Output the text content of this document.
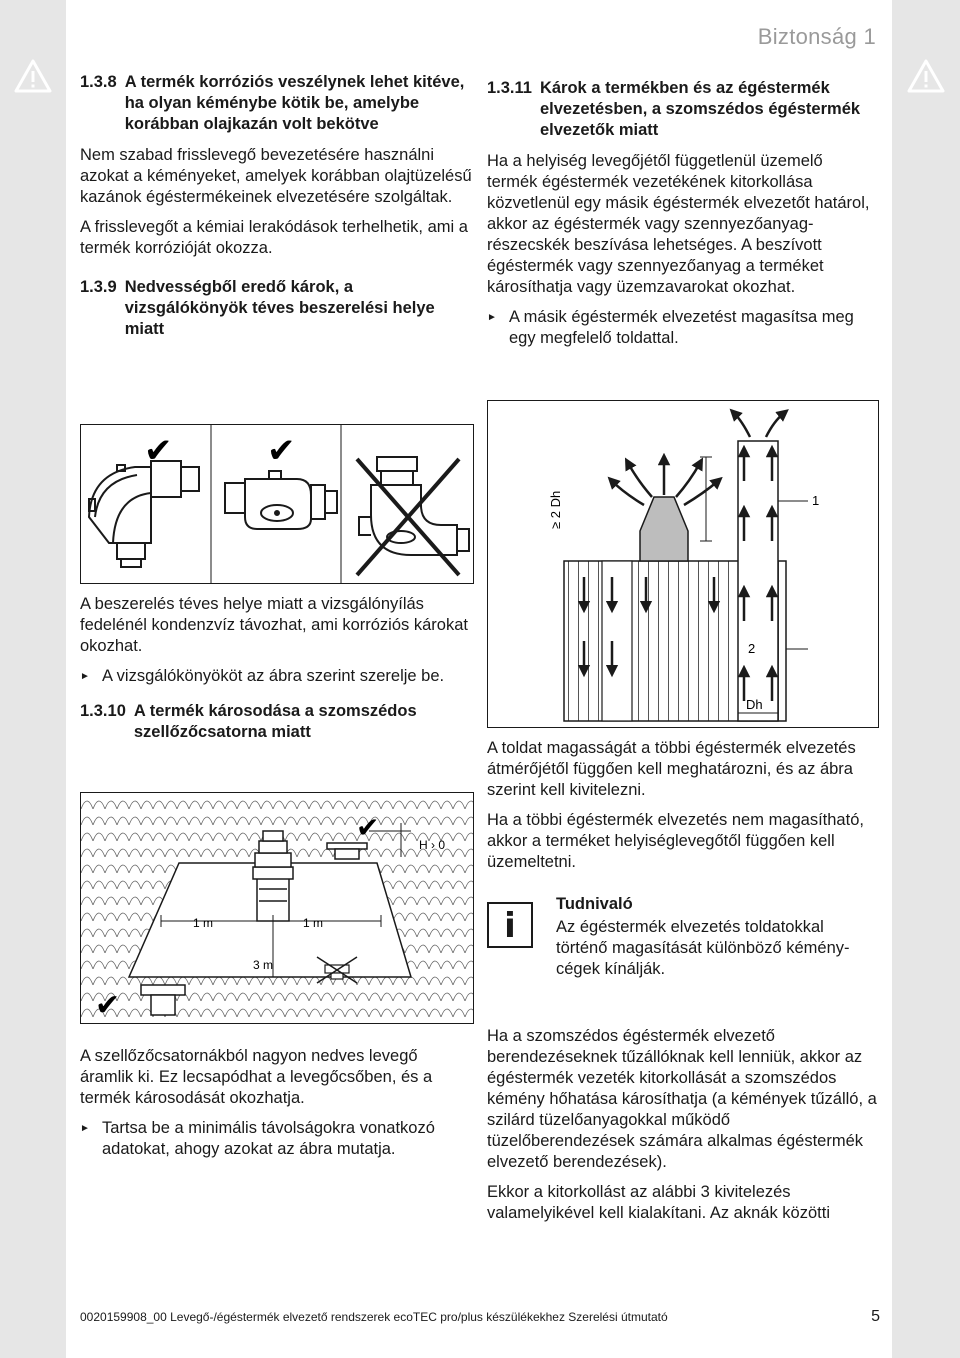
Biztonság 1
1.3.8 A termék korróziós veszélynek lehet kitéve, ha olyan kéménybe kötik be, amelybe korábban olajkazán volt bekötve

Nem szabad frisslevegő bevezetésére használni azokat a kéményeket, amelyek korábban olajtüzelésű kazánok égéstermékeinek elvezetésére szolgáltak.

A frisslevegőt a kémiai lerakódások terhelhetik, ami a termék korrózióját okozza.

1.3.9 Nedvességből eredő károk, a vizsgálókönyök téves beszerelési helye miatt
✔	✔

A beszerelés téves helye miatt a vizsgálónyílás fedelénél kondenzvíz távozhat, ami korróziós károkat okozhat.

► A vizsgálókönyököt az ábra szerint szerelje be.
1.3.10 A termék károsodása a szomszédos szellőzőcsatorna miatt
✔
H › 0
1 m	1 m
3 m
✔

A szellőzőcsatornákból nagyon nedves levegő áramlik ki. Ez lecsapódhat a levegőcsőben, és a termék károsodását okozhatja.

► Tartsa be a minimális távolságokra vonatkozó adatokat, ahogy azokat az ábra mutatja.
1.3.11 Károk a termékben és az égéstermék elvezetésben, a szomszédos égéstermék elvezetők miatt

Ha a helyiség levegőjétől függetlenül üzemelő termék égéstermék vezetékének kitorkollása közvetlenül egy másik égéstermék elvezetőt határol, akkor az égéstermék vagy szennyezőanyag-részecskék beszívása lehetséges. A beszívott égéstermék vagy szennyezőanyag a terméket károsíthatja vagy üzemzavarokat okozhat.

► A másik égéstermék elvezetést magasítsa meg egy megfelelő toldattal.
≥ 2 Dh	1
2
Dh

A toldat magasságát a többi égéstermék elvezetés átmérőjétől függően kell meghatározni, és az ábra szerint kell kivitelezni.

Ha a többi égéstermék elvezetés nem magasítható, akkor a terméket helyiséglevegőtől függően kell üzemeltetni.

i

Tudnivaló

Az égéstermék elvezetés toldatokkal történő magasítását különböző kémény-cégek kínálják.

Ha a szomszédos égéstermék elvezető berendezéseknek tűzállóknak kell lenniük, akkor az égéstermék vezeték kitorkollását a szomszédos kémény hőhatása károsíthatja (a kémények tűzálló, a szilárd tüzelőanyagokkal működő tüzelőberendezések számára alkalmas égéstermék elvezető berendezések).

Ekkor a kitorkollást az alábbi 3 kivitelezés valamelyikével kell kialakítani. Az aknák közötti

0020159908_00 Levegő-/égéstermék elvezető rendszerek ecoTEC pro/plus készülékekhez Szerelési útmutató	5
